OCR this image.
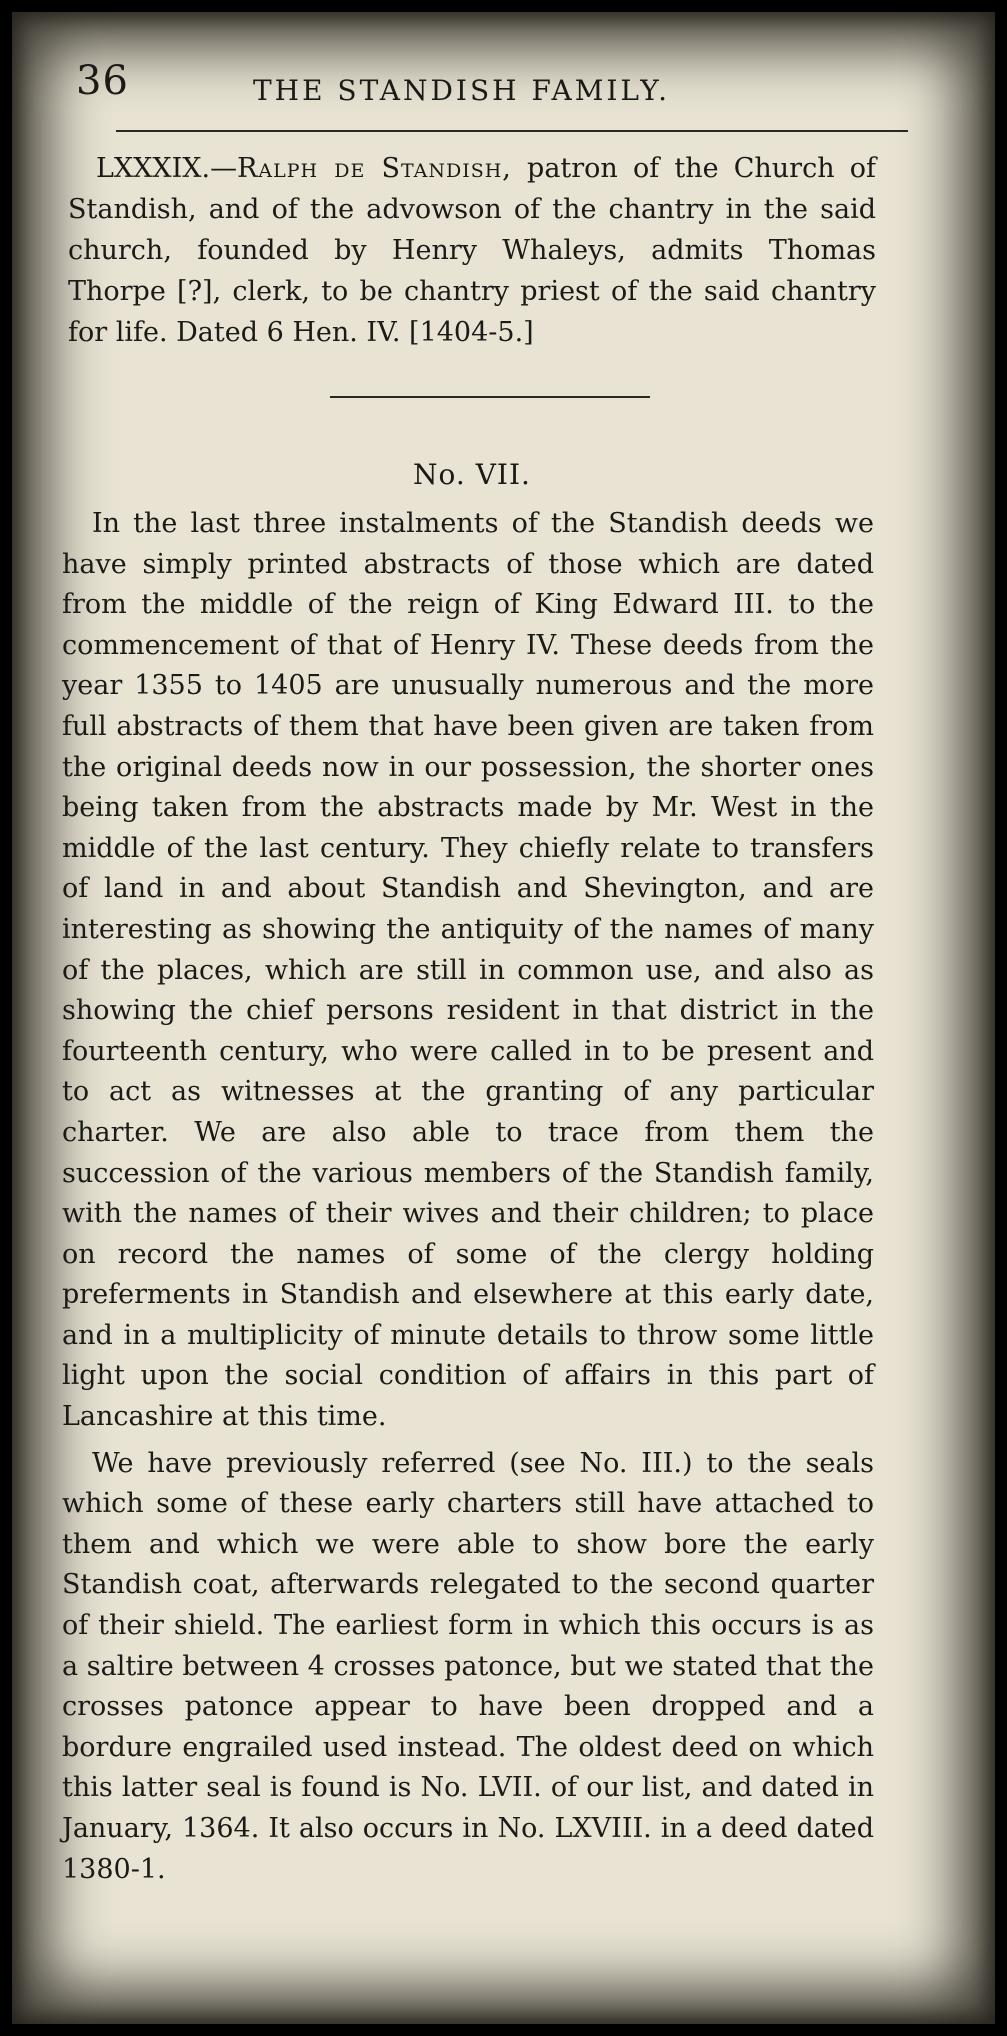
36	THE STANDISH FAMILY.
LXXXIX.—Ralph de Standish, patron of the Church of Standish, and of the advowson of the chantry in the said church, founded by Henry Whaleys, admits Thomas Thorpe [?], clerk, to be chantry priest of the said chantry for life. Dated 6 Hen. IV. [1404-5.]
No. VII.

In the last three instalments of the Standish deeds we have simply printed abstracts of those which are dated from the middle of the reign of King Edward III. to the commencement of that of Henry IV. These deeds from the year 1355 to 1405 are unusually numerous and the more full abstracts of them that have been given are taken from the original deeds now in our possession, the shorter ones being taken from the abstracts made by Mr. West in the middle of the last century. They chiefly relate to transfers of land in and about Standish and Shevington, and are interesting as showing the antiquity of the names of many of the places, which are still in common use, and also as showing the chief persons resident in that district in the fourteenth century, who were called in to be present and to act as witnesses at the granting of any particular charter. We are also able to trace from them the succession of the various members of the Standish family, with the names of their wives and their children; to place on record the names of some of the clergy holding preferments in Standish and elsewhere at this early date, and in a multiplicity of minute details to throw some little light upon the social condition of affairs in this part of Lancashire at this time.

We have previously referred (see No. III.) to the seals which some of these early charters still have attached to them and which we were able to show bore the early Standish coat, afterwards relegated to the second quarter of their shield. The earliest form in which this occurs is as a saltire between 4 crosses patonce, but we stated that the crosses patonce appear to have been dropped and a bordure engrailed used instead. The oldest deed on which this latter seal is found is No. LVII. of our list, and dated in January, 1364. It also occurs in No. LXVIII. in a deed dated 1380-1.
